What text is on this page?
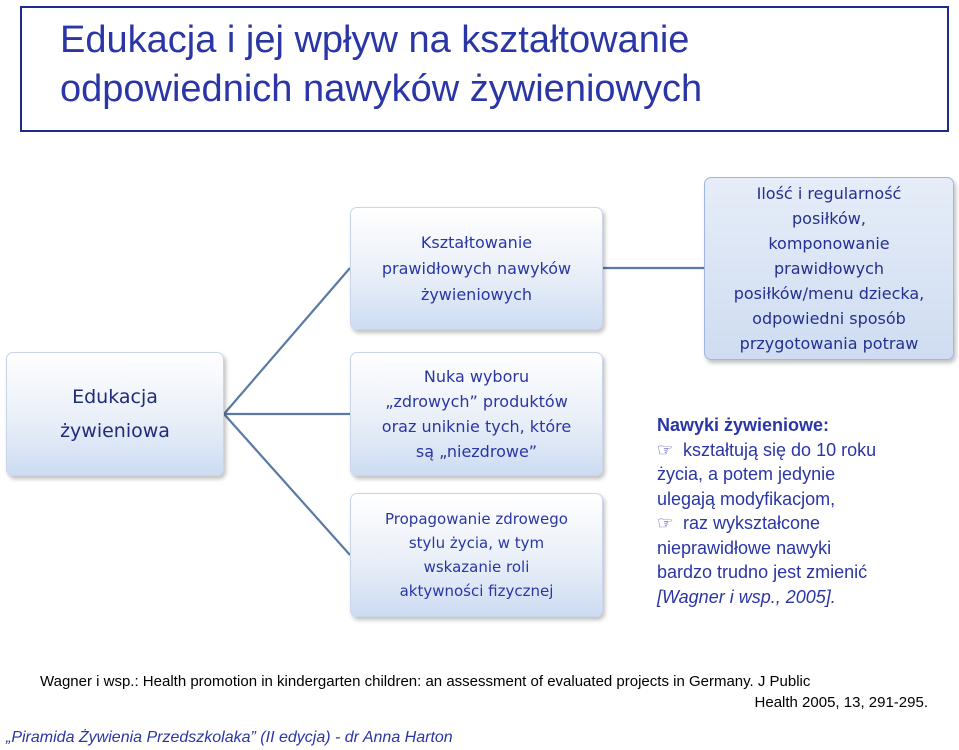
Edukacja i jej wpływ na kształtowanie
odpowiednich nawyków żywieniowych
Edukacja
żywieniowa
Kształtowanie
prawidłowych nawyków
żywieniowych
Nuka wyboru
„zdrowych” produktów
oraz uniknie tych, które
są „niezdrowe”
Propagowanie zdrowego
stylu życia, w tym
wskazanie roli
aktywności fizycznej
Ilość i regularność
posiłków,
komponowanie
prawidłowych
posiłków/menu dziecka,
odpowiedni sposób
przygotowania potraw
Nawyki żywieniowe:
☞ kształtują się do 10 roku
życia, a potem jedynie
ulegają modyfikacjom,
☞ raz wykształcone
nieprawidłowe nawyki
bardzo trudno jest zmienić
[Wagner i wsp., 2005].
Wagner i wsp.: Health promotion in kindergarten children: an assessment of evaluated projects in Germany. J Public
Health 2005, 13, 291-295.
„Piramida Żywienia Przedszkolaka” (II edycja) - dr Anna Harton
